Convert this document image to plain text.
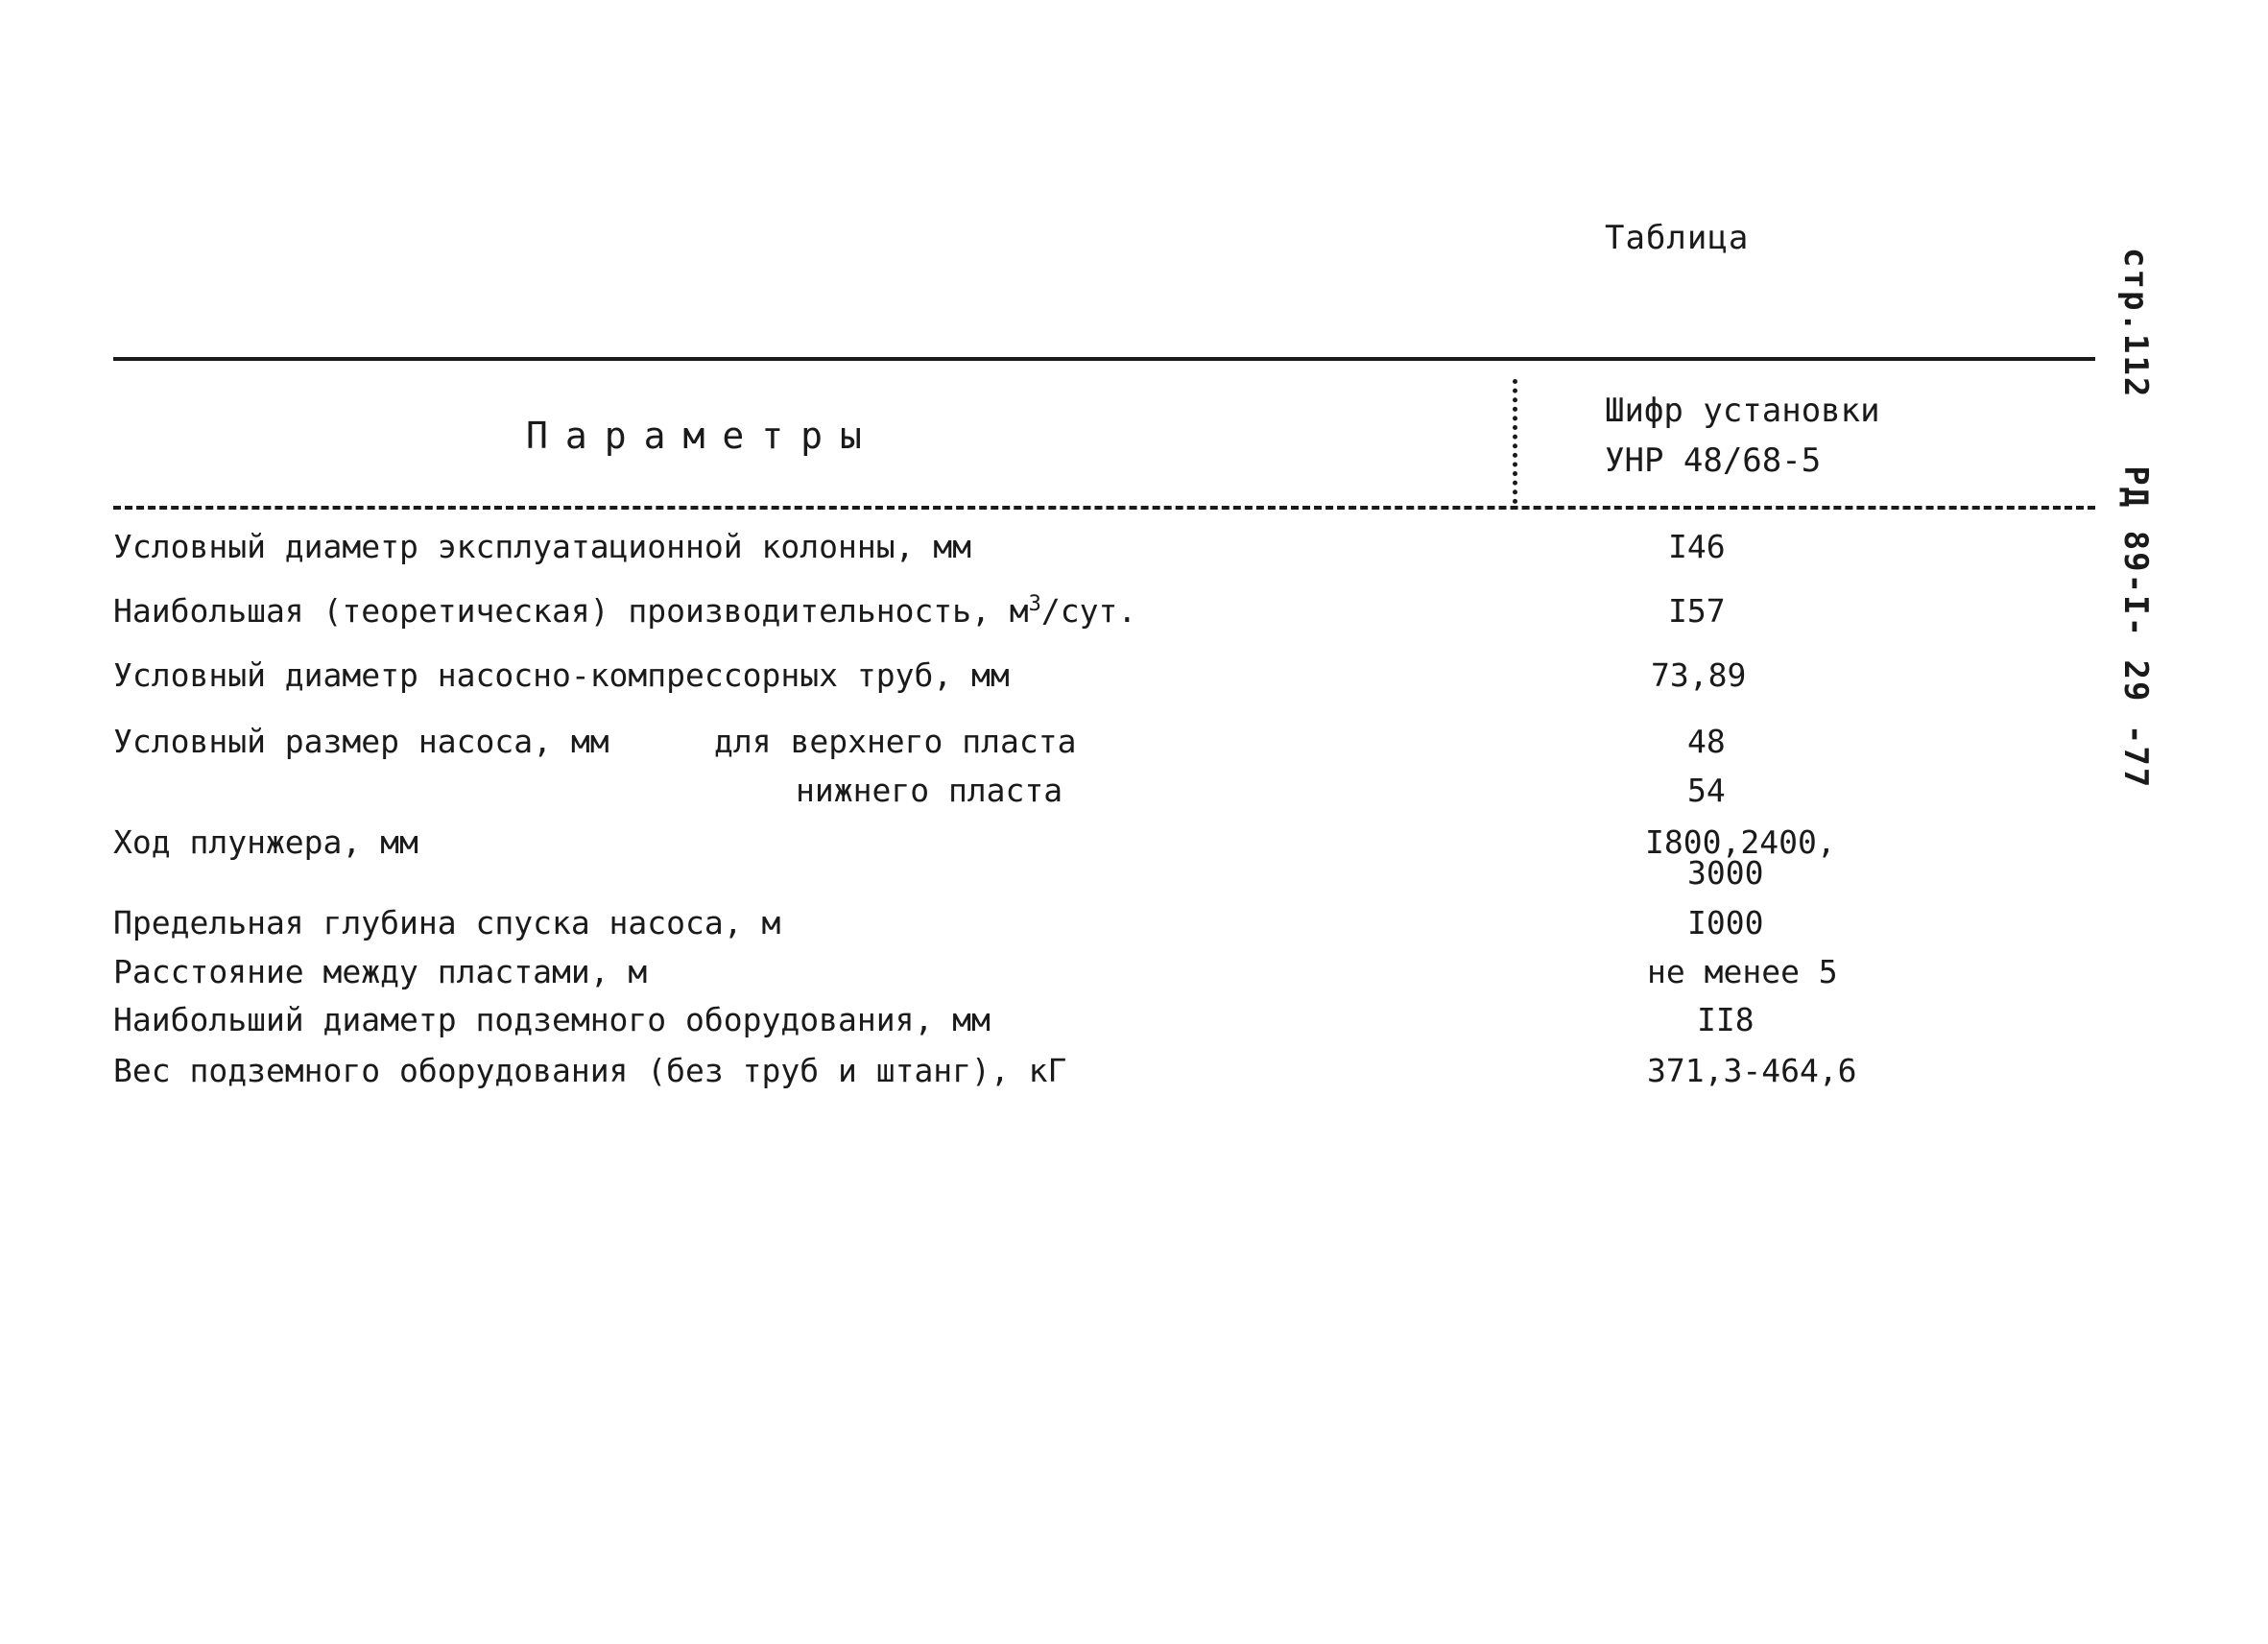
Таблица
стр.112РД 89-I- 29 -77
Параметры
Шифр установки
УНР 48/68-5
Условный диаметр эксплуатационной колонны, мм	I46
Наибольшая (теоретическая) производительность, $м^3$/сут.	I57
Условный диаметр насосно-компрессорных труб, мм	73,89
Условный размер насоса, мм	для верхнего пласта	48
нижнего пласта	54
Ход плунжера, мм	I800,2400,
3000
Предельная глубина спуска насоса, м	I000
Расстояние между пластами, м	не менее 5
Наибольший диаметр подземного оборудования, мм	II8
Вес подземного оборудования (без труб и штанг), кГ	371,3-464,6
